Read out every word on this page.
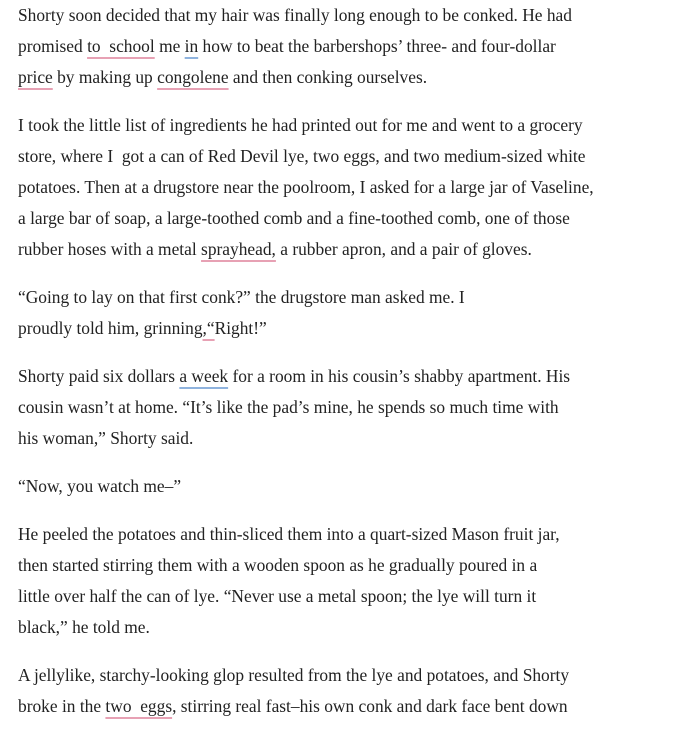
Shorty soon decided that my hair was finally long enough to be conked. He had
promised to  school me in how to beat the barbershops’ three- and four-dollar
price by making up congolene and then conking ourselves.

I took the little list of ingredients he had printed out for me and went to a grocery
store, where I  got a can of Red Devil lye, two eggs, and two medium-sized white
potatoes. Then at a drugstore near the poolroom, I asked for a large jar of Vaseline,
a large bar of soap, a large-toothed comb and a fine-toothed comb, one of those
rubber hoses with a metal sprayhead, a rubber apron, and a pair of gloves.

“Going to lay on that first conk?” the drugstore man asked me. I
proudly told him, grinning,“Right!”

Shorty paid six dollars a week for a room in his cousin’s shabby apartment. His
cousin wasn’t at home. “It’s like the pad’s mine, he spends so much time with
his woman,” Shorty said.

“Now, you watch me–”

He peeled the potatoes and thin-sliced them into a quart-sized Mason fruit jar,
then started stirring them with a wooden spoon as he gradually poured in a
little over half the can of lye. “Never use a metal spoon; the lye will turn it
black,” he told me.

A jellylike, starchy-looking glop resulted from the lye and potatoes, and Shorty
broke in the two  eggs, stirring real fast–his own conk and dark face bent down
